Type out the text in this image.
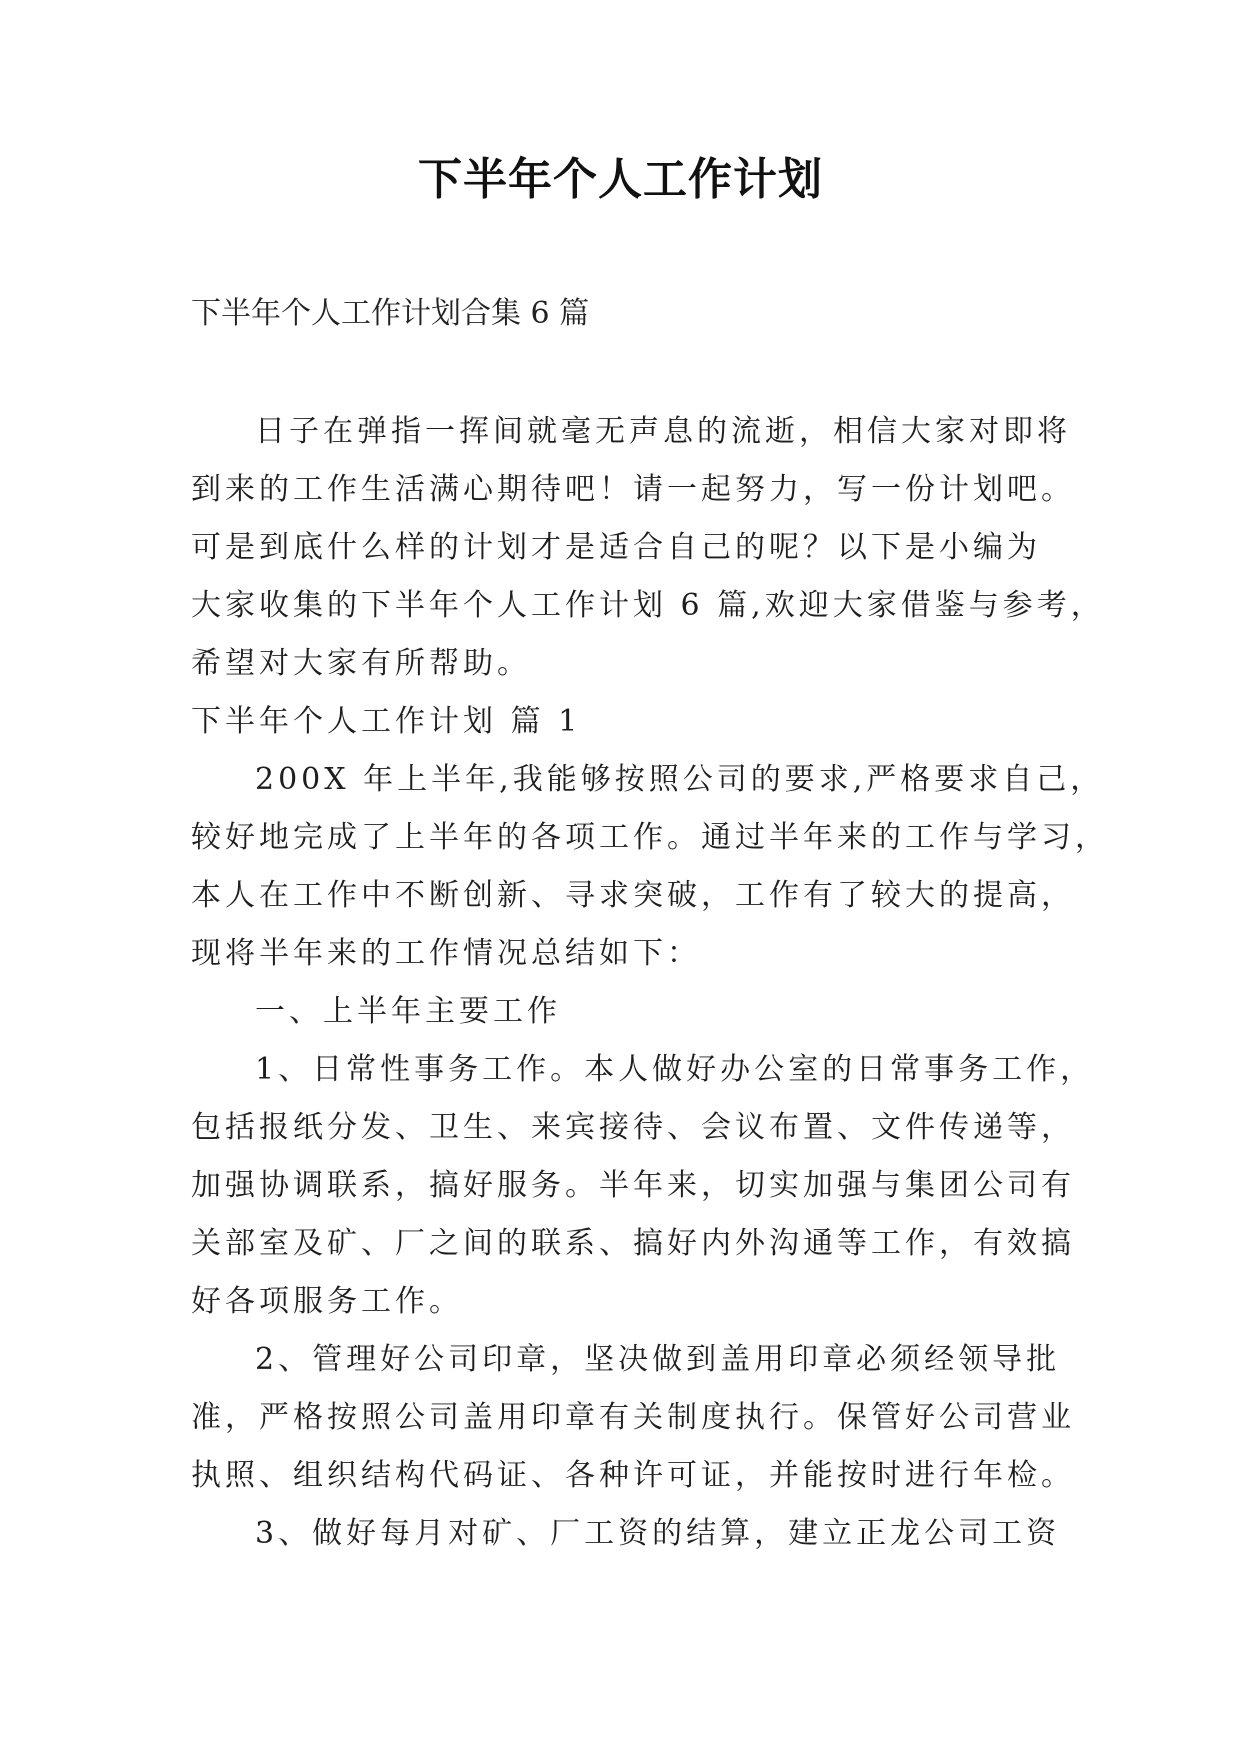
下半年个人工作计划
下半年个人工作计划合集 6 篇
日子在弹指一挥间就毫无声息的流逝，相信大家对即将
到来的工作生活满心期待吧！请一起努力，写一份计划吧。
可是到底什么样的计划才是适合自己的呢？以下是小编为
大家收集的下半年个人工作计划 6 篇,欢迎大家借鉴与参考，
希望对大家有所帮助。
下半年个人工作计划 篇 1
200X 年上半年,我能够按照公司的要求,严格要求自己，
较好地完成了上半年的各项工作。通过半年来的工作与学习，
本人在工作中不断创新、寻求突破，工作有了较大的提高，
现将半年来的工作情况总结如下：
一、上半年主要工作
1、日常性事务工作。本人做好办公室的日常事务工作，
包括报纸分发、卫生、来宾接待、会议布置、文件传递等，
加强协调联系，搞好服务。半年来，切实加强与集团公司有
关部室及矿、厂之间的联系、搞好内外沟通等工作，有效搞
好各项服务工作。
2、管理好公司印章，坚决做到盖用印章必须经领导批
准，严格按照公司盖用印章有关制度执行。保管好公司营业
执照、组织结构代码证、各种许可证，并能按时进行年检。
3、做好每月对矿、厂工资的结算，建立正龙公司工资
